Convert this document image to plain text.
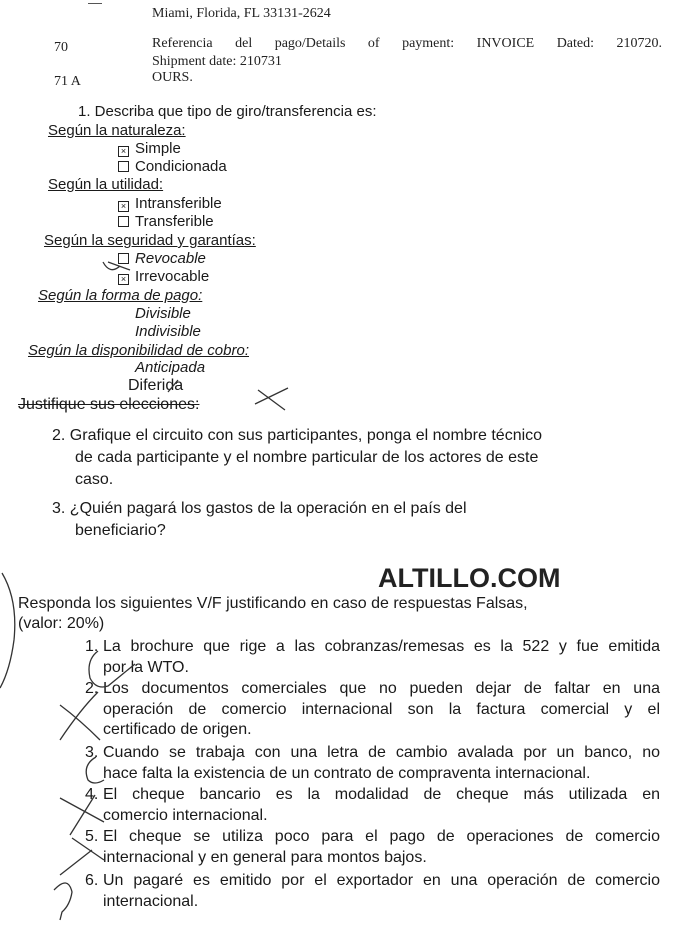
Miami, Florida, FL 33131-2624
70	Referencia del pago/Details of payment: INVOICE Dated: 210720.
Shipment date: 210731
71 A	OURS.
1. Describa que tipo de giro/transferencia es:
Según la naturaleza:
× Simple
Condicionada
Según la utilidad:
× Intransferible
Transferible
Según la seguridad y garantías:
Revocable
× Irrevocable
Según la forma de pago:
Divisible
Indivisible
Según la disponibilidad de cobro:
Anticipada
Diferida
Justifique sus elecciones:
2. Grafique el circuito con sus participantes, ponga el nombre técnico
de cada participante y el nombre particular de los actores de este
caso.
3. ¿Quién pagará los gastos de la operación en el país del
beneficiario?
ALTILLO.COM
Responda los siguientes V/F justificando en caso de respuestas Falsas,
(valor: 20%)
1. La brochure que rige a las cobranzas/remesas es la 522 y fue emitida
por la WTO.
2. Los documentos comerciales que no pueden dejar de faltar en una
operación de comercio internacional son la factura comercial y el
certificado de origen.
3. Cuando se trabaja con una letra de cambio avalada por un banco, no
hace falta la existencia de un contrato de compraventa internacional.
4. El cheque bancario es la modalidad de cheque más utilizada en
comercio internacional.
5. El cheque se utiliza poco para el pago de operaciones de comercio
internacional y en general para montos bajos.
6. Un pagaré es emitido por el exportador en una operación de comercio
internacional.
